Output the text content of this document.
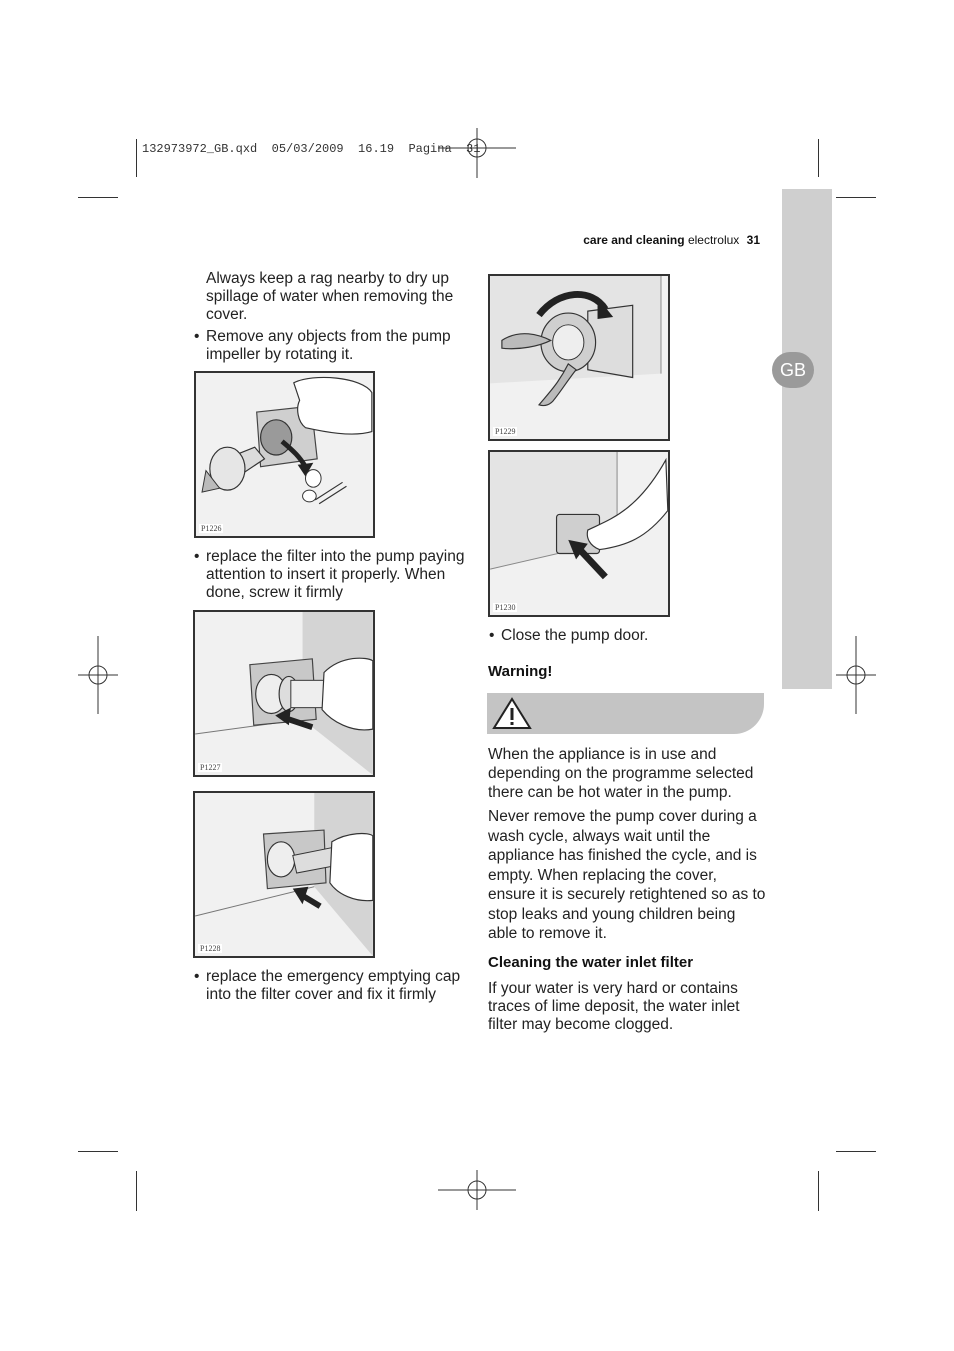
132973972_GB.qxd  05/03/2009  16.19  Pagina  31
GB
care and cleaning electrolux 31
Always keep a rag nearby to dry up spillage of water when removing the cover.
• Remove any objects from the pump impeller by rotating it.
P1226
• replace the filter into the pump paying attention to insert it properly. When done, screw it firmly
P1227
P1228
• replace the emergency emptying cap into the filter cover and fix it firmly
P1229
P1230
• Close the pump door.
Warning!
When the appliance is in use and depending on the programme selected there can be hot water in the pump.
Never remove the pump cover during a wash cycle, always wait until the appliance has finished the cycle, and is empty. When replacing the cover, ensure it is securely retightened so as to stop leaks and young children being able to remove it.
Cleaning the water inlet filter
If your water is very hard or contains traces of lime deposit, the water inlet filter may become clogged.
